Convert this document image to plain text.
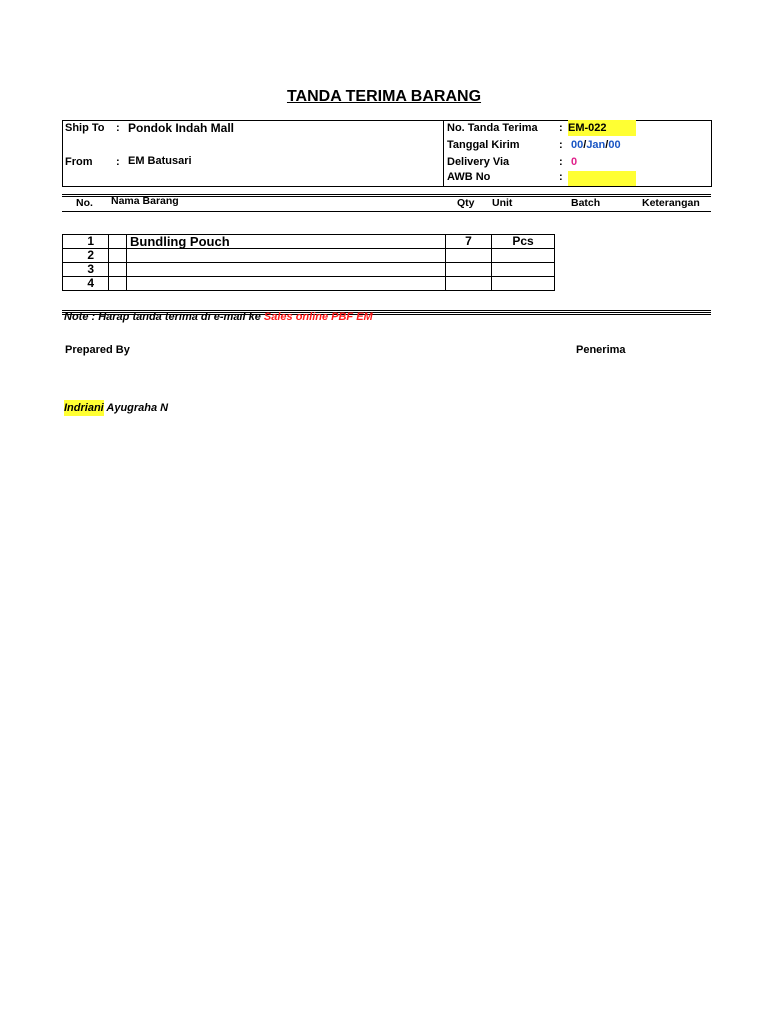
TANDA TERIMA BARANG
Ship To : Pondok Indah Mall
From : EM Batusari
No. Tanda Terima : EM-022
Tanggal Kirim	: 00/Jan/00
Delivery Via	: 0
AWB No	:
No. Nama Barang	Qty Unit	Batch	Keterangan
1		Bundling Pouch	7	Pcs
2				
3				
4				
Note : Harap tanda terima di e-mail ke Sales online PBF EM
Prepared By	Penerima
Indriani Ayugraha N
